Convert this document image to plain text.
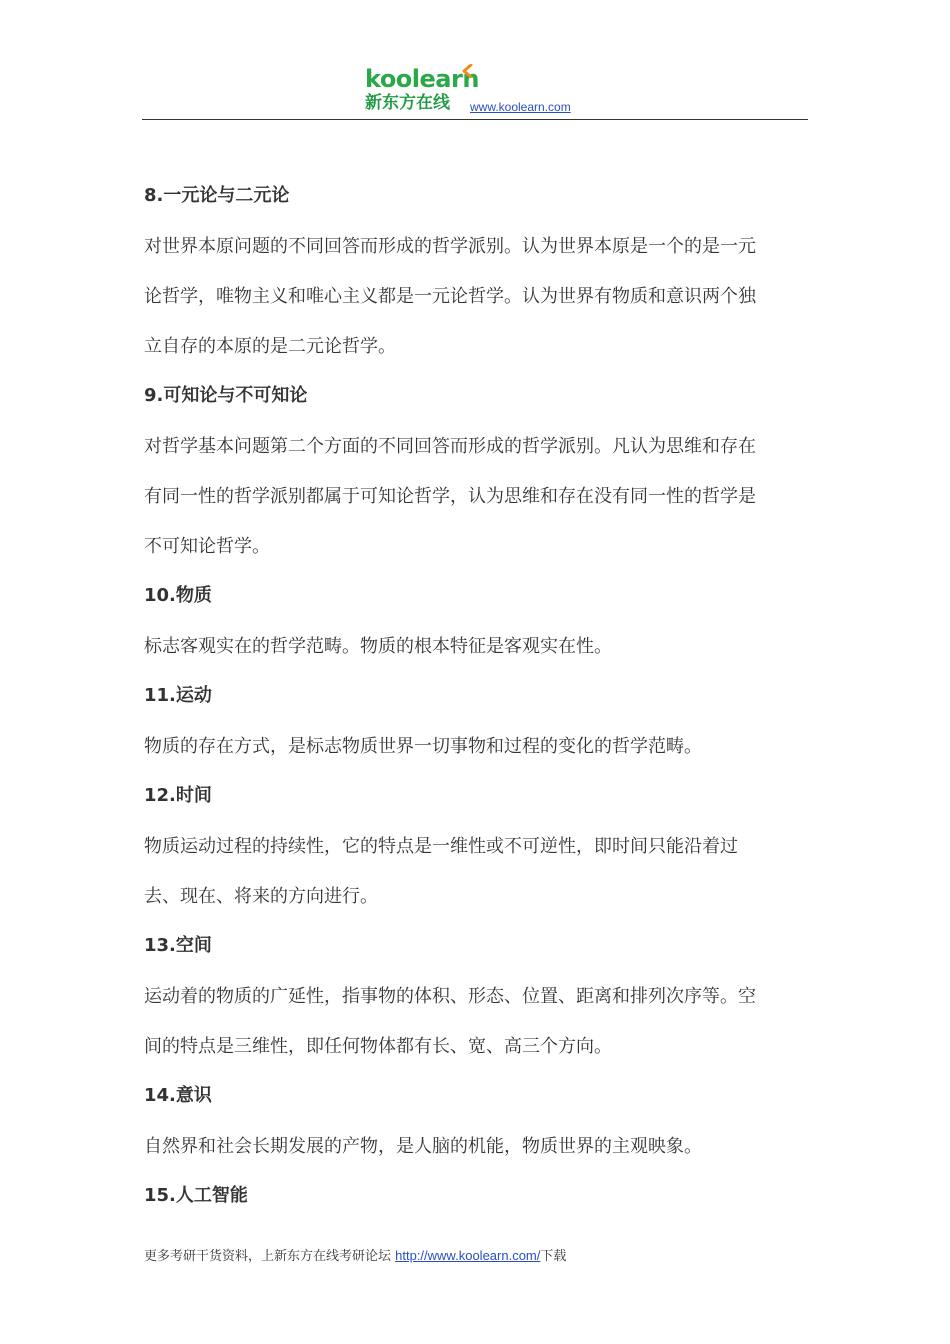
koolearn
新东方在线 www.koolearn.com
8.一元论与二元论

对世界本原问题的不同回答而形成的哲学派别。认为世界本原是一个的是一元
论哲学，唯物主义和唯心主义都是一元论哲学。认为世界有物质和意识两个独
立自存的本原的是二元论哲学。

9.可知论与不可知论

对哲学基本问题第二个方面的不同回答而形成的哲学派别。凡认为思维和存在
有同一性的哲学派别都属于可知论哲学，认为思维和存在没有同一性的哲学是
不可知论哲学。

10.物质

标志客观实在的哲学范畴。物质的根本特征是客观实在性。

11.运动

物质的存在方式，是标志物质世界一切事物和过程的变化的哲学范畴。

12.时间

物质运动过程的持续性，它的特点是一维性或不可逆性，即时间只能沿着过
去、现在、将来的方向进行。

13.空间

运动着的物质的广延性，指事物的体积、形态、位置、距离和排列次序等。空
间的特点是三维性，即任何物体都有长、宽、高三个方向。

14.意识

自然界和社会长期发展的产物，是人脑的机能，物质世界的主观映象。

15.人工智能
更多考研干货资料，上新东方在线考研论坛 http://www.koolearn.com/下载
